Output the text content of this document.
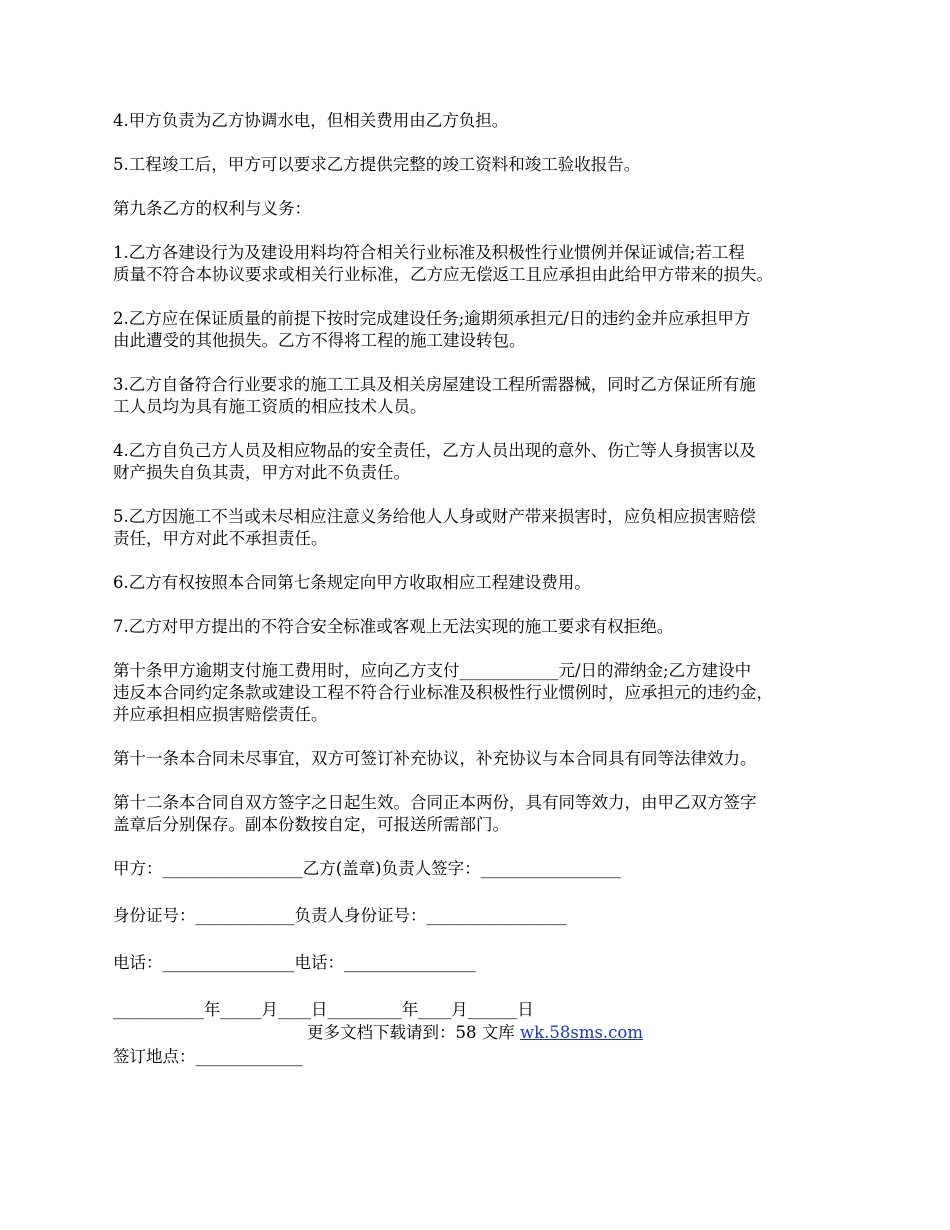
4.甲方负责为乙方协调水电，但相关费用由乙方负担。
5.工程竣工后，甲方可以要求乙方提供完整的竣工资料和竣工验收报告。
第九条乙方的权利与义务：
1.乙方各建设行为及建设用料均符合相关行业标准及积极性行业惯例并保证诚信;若工程
质量不符合本协议要求或相关行业标准，乙方应无偿返工且应承担由此给甲方带来的损失。
2.乙方应在保证质量的前提下按时完成建设任务;逾期须承担元/日的违约金并应承担甲方
由此遭受的其他损失。乙方不得将工程的施工建设转包。
3.乙方自备符合行业要求的施工工具及相关房屋建设工程所需器械，同时乙方保证所有施
工人员均为具有施工资质的相应技术人员。
4.乙方自负己方人员及相应物品的安全责任，乙方人员出现的意外、伤亡等人身损害以及
财产损失自负其责，甲方对此不负责任。
5.乙方因施工不当或未尽相应注意义务给他人人身或财产带来损害时，应负相应损害赔偿
责任，甲方对此不承担责任。
6.乙方有权按照本合同第七条规定向甲方收取相应工程建设费用。
7.乙方对甲方提出的不符合安全标准或客观上无法实现的施工要求有权拒绝。
第十条甲方逾期支付施工费用时，应向乙方支付____________元/日的滞纳金;乙方建设中
违反本合同约定条款或建设工程不符合行业标准及积极性行业惯例时，应承担元的违约金，
并应承担相应损害赔偿责任。
第十一条本合同未尽事宜，双方可签订补充协议，补充协议与本合同具有同等法律效力。
第十二条本合同自双方签字之日起生效。合同正本两份，具有同等效力，由甲乙双方签字
盖章后分别保存。副本份数按自定，可报送所需部门。
甲方：_________________乙方(盖章)负责人签字：_________________
身份证号：____________负责人身份证号：_________________
电话：________________电话：________________
___________年_____月____日_________年____月______日
签订地点：_____________
更多文档下载请到：58 文库 wk.58sms.com
